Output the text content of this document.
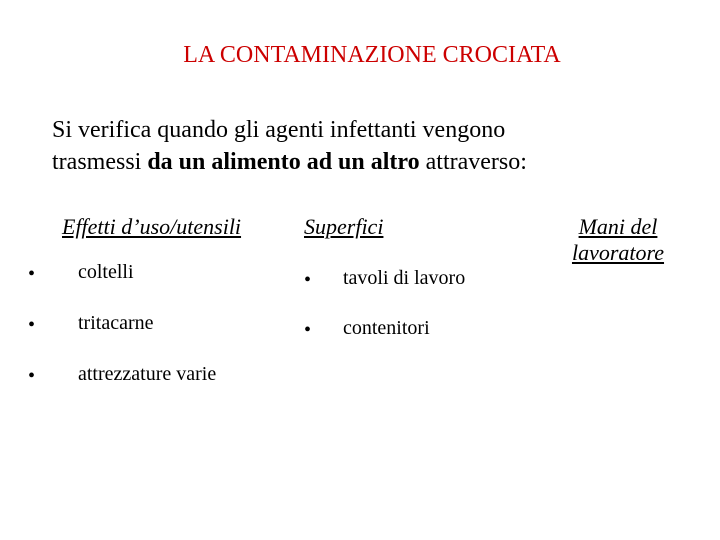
LA CONTAMINAZIONE CROCIATA
Si verifica quando gli agenti infettanti vengono
trasmessi da un alimento ad un altro attraverso:
Effetti d’uso/utensili	Superfici	Mani del
lavoratore
• coltelli
• tritacarne
• attrezzature varie
• tavoli di lavoro
• contenitori
